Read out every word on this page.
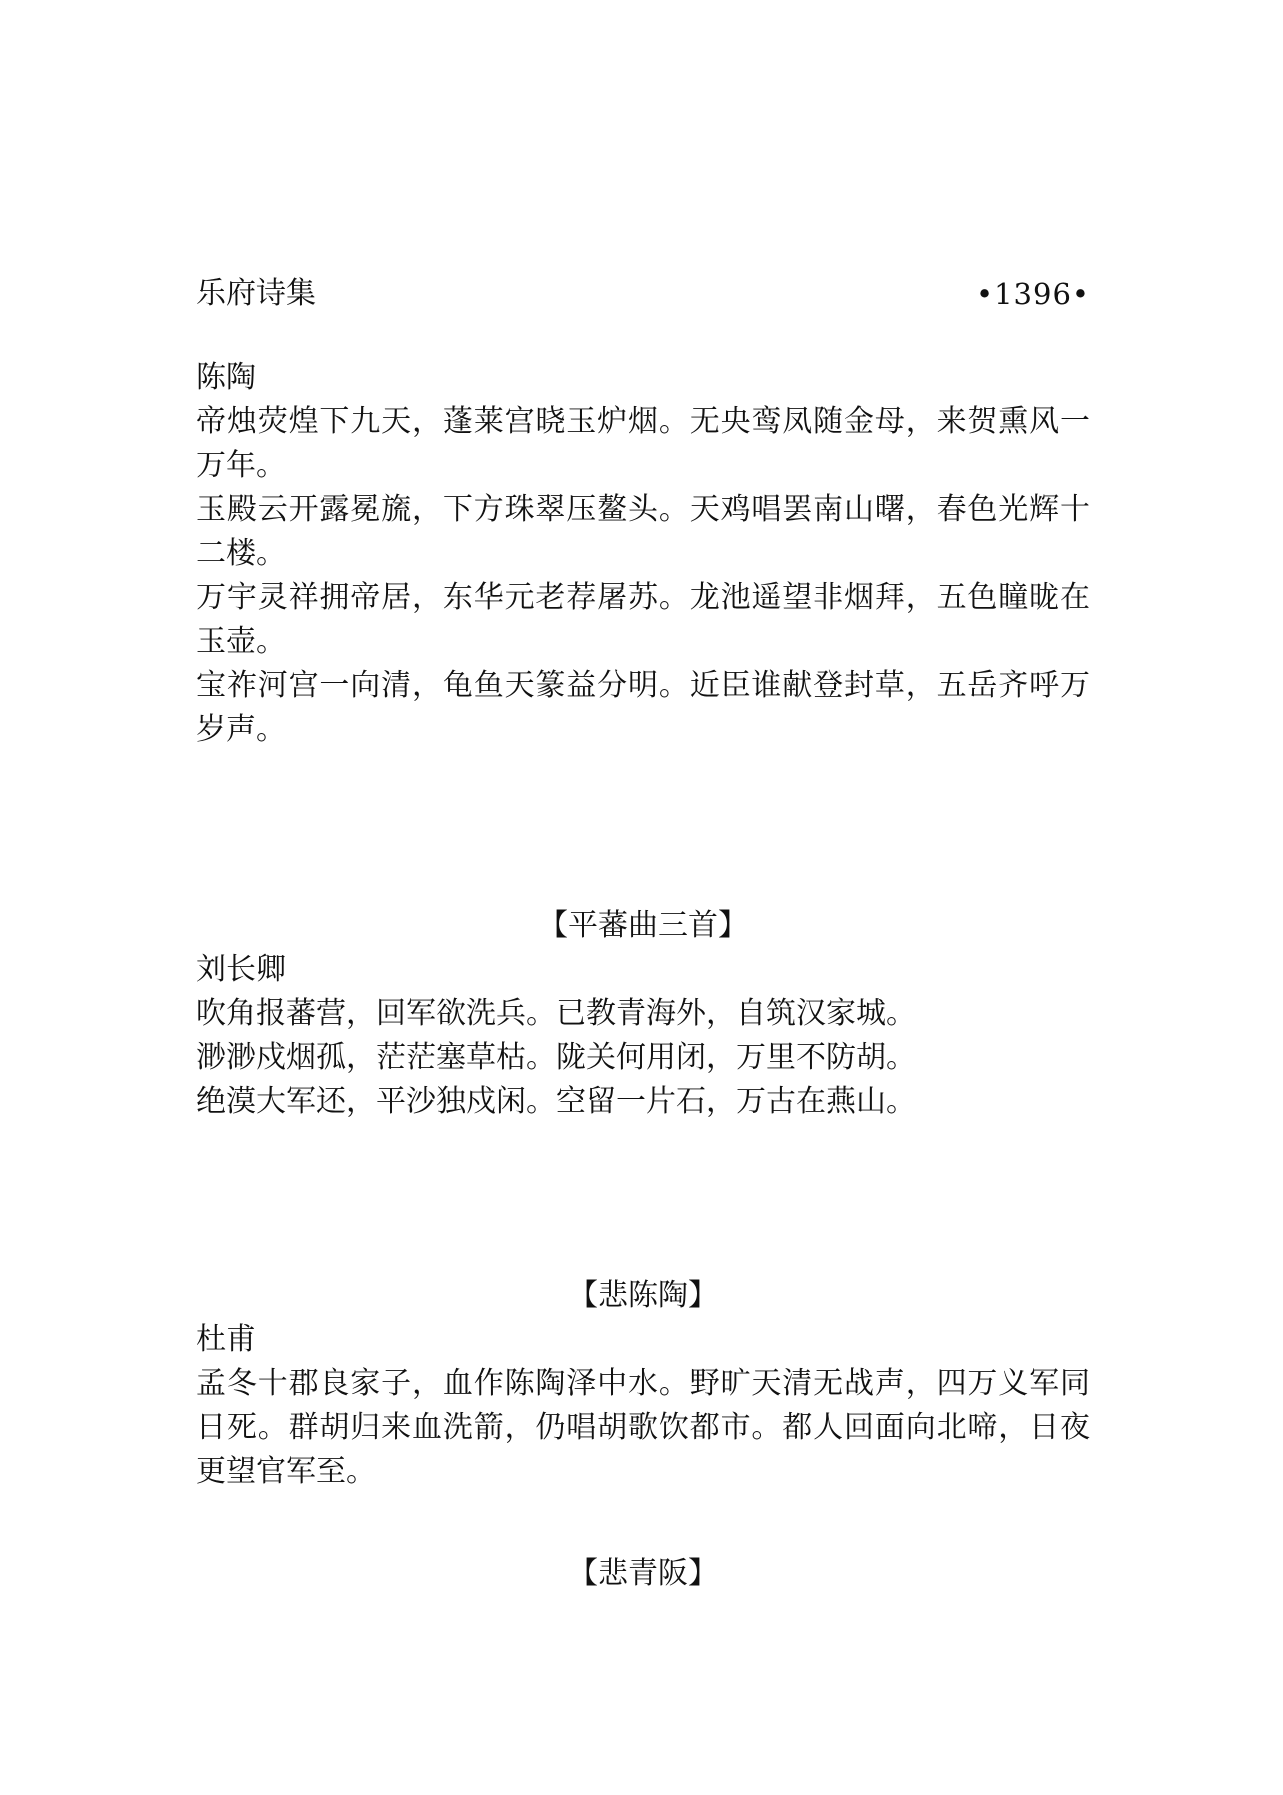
乐府诗集	•1396•

陈陶

帝烛荧煌下九天，蓬莱宫晓玉炉烟。无央鸾凤随金母，来贺熏风一万年。

玉殿云开露冕旒，下方珠翠压鳌头。天鸡唱罢南山曙，春色光辉十二楼。

万宇灵祥拥帝居，东华元老荐屠苏。龙池遥望非烟拜，五色瞳昽在玉壶。

宝祚河宫一向清，龟鱼天篆益分明。近臣谁献登封草，五岳齐呼万岁声。

【平蕃曲三首】

刘长卿

吹角报蕃营，回军欲洗兵。已教青海外，自筑汉家城。

渺渺戍烟孤，茫茫塞草枯。陇关何用闭，万里不防胡。

绝漠大军还，平沙独戍闲。空留一片石，万古在燕山。

【悲陈陶】

杜甫

孟冬十郡良家子，血作陈陶泽中水。野旷天清无战声，四万义军同日死。群胡归来血洗箭，仍唱胡歌饮都市。都人回面向北啼，日夜更望官军至。

【悲青阪】
